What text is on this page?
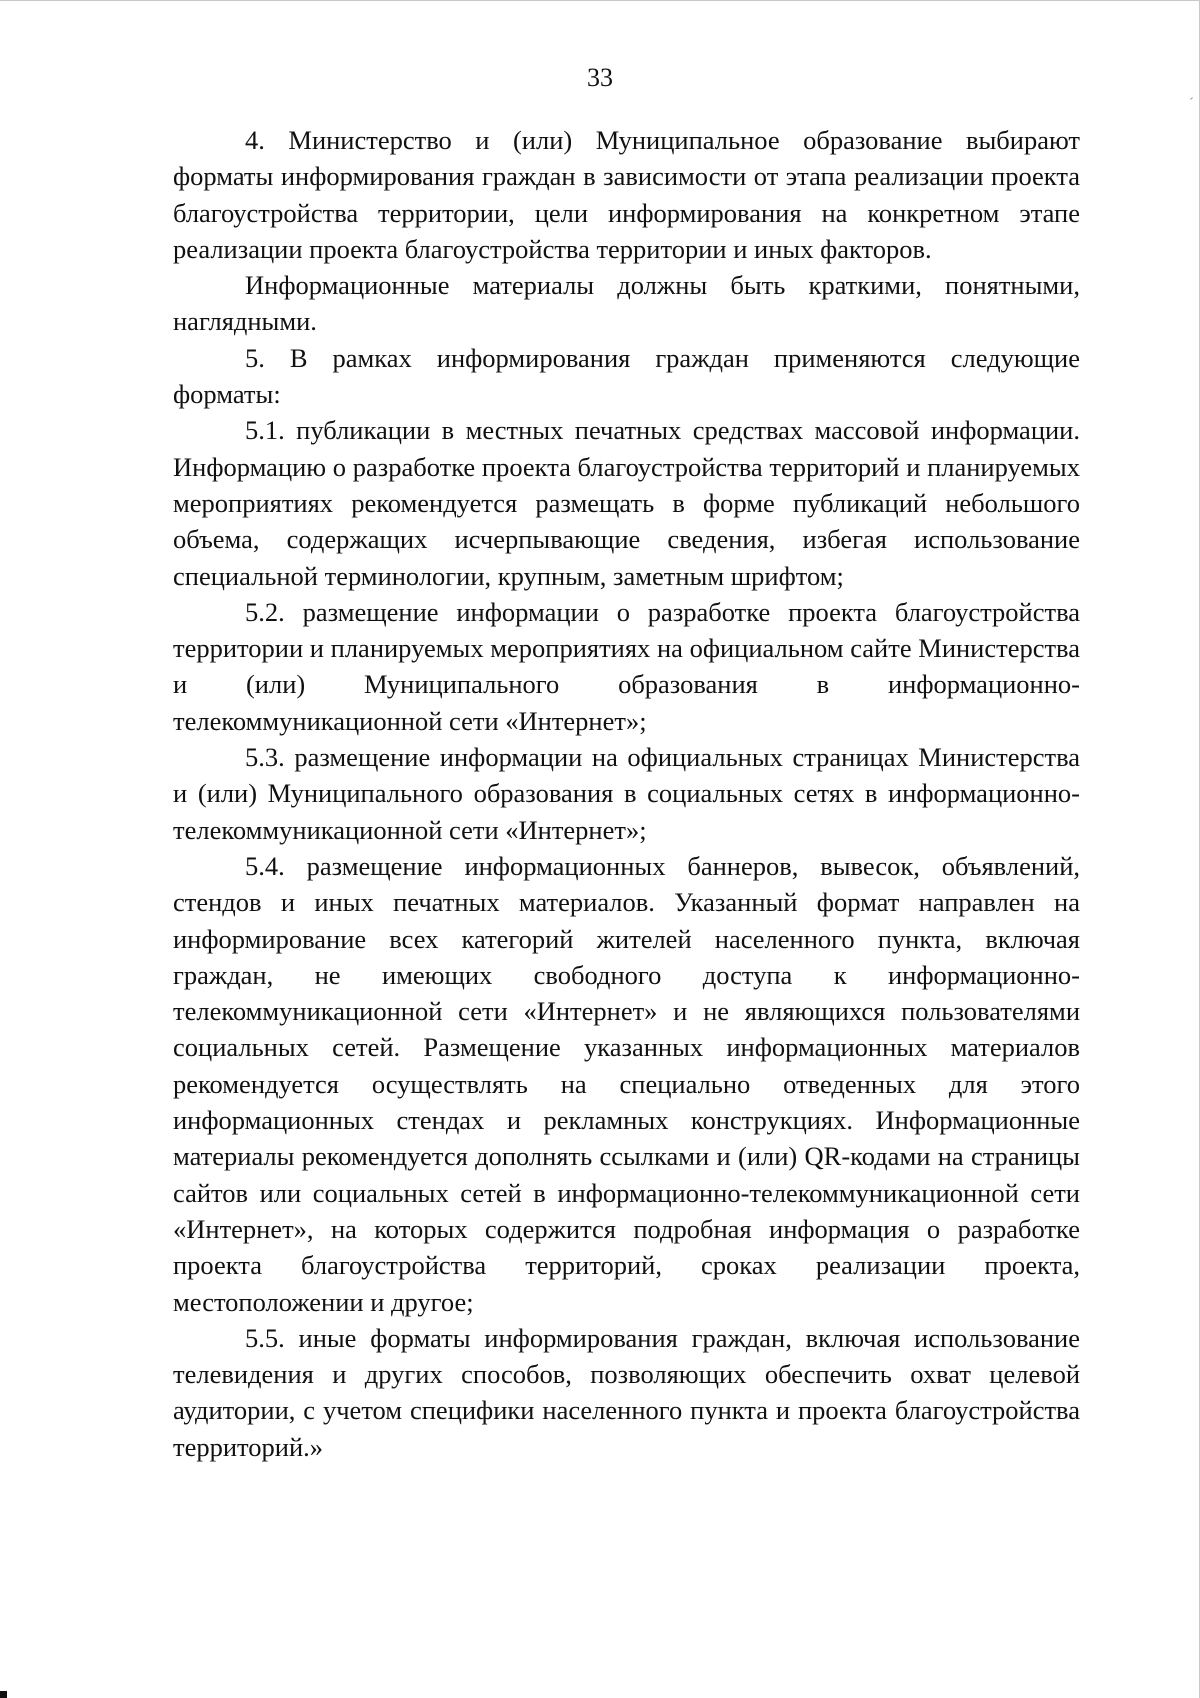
33

4. Министерство и (или) Муниципальное образование выбирают форматы информирования граждан в зависимости от этапа реализации проекта благоустройства территории, цели информирования на конкретном этапе реализации проекта благоустройства территории и иных факторов.

Информационные материалы должны быть краткими, понятными, наглядными.

5. В рамках информирования граждан применяются следующие форматы:

5.1. публикации в местных печатных средствах массовой информации. Информацию о разработке проекта благоустройства территорий и планируемых мероприятиях рекомендуется размещать в форме публикаций небольшого объема, содержащих исчерпывающие сведения, избегая использование специальной терминологии, крупным, заметным шрифтом;

5.2. размещение информации о разработке проекта благоустройства территории и планируемых мероприятиях на официальном сайте Министерства и (или) Муниципального образования в информационно-телекоммуникационной сети «Интернет»;

5.3. размещение информации на официальных страницах Министерства и (или) Муниципального образования в социальных сетях в информационно-телекоммуникационной сети «Интернет»;

5.4. размещение информационных баннеров, вывесок, объявлений, стендов и иных печатных материалов. Указанный формат направлен на информирование всех категорий жителей населенного пункта, включая граждан, не имеющих свободного доступа к информационно-телекоммуникационной сети «Интернет» и не являющихся пользователями социальных сетей. Размещение указанных информационных материалов рекомендуется осуществлять на специально отведенных для этого информационных стендах и рекламных конструкциях. Информационные материалы рекомендуется дополнять ссылками и (или) QR-кодами на страницы сайтов или социальных сетей в информационно-телекоммуникационной сети «Интернет», на которых содержится подробная информация о разработке проекта благоустройства территорий, сроках реализации проекта, местоположении и другое;

5.5. иные форматы информирования граждан, включая использование телевидения и других способов, позволяющих обеспечить охват целевой аудитории, с учетом специфики населенного пункта и проекта благоустройства территорий.»
